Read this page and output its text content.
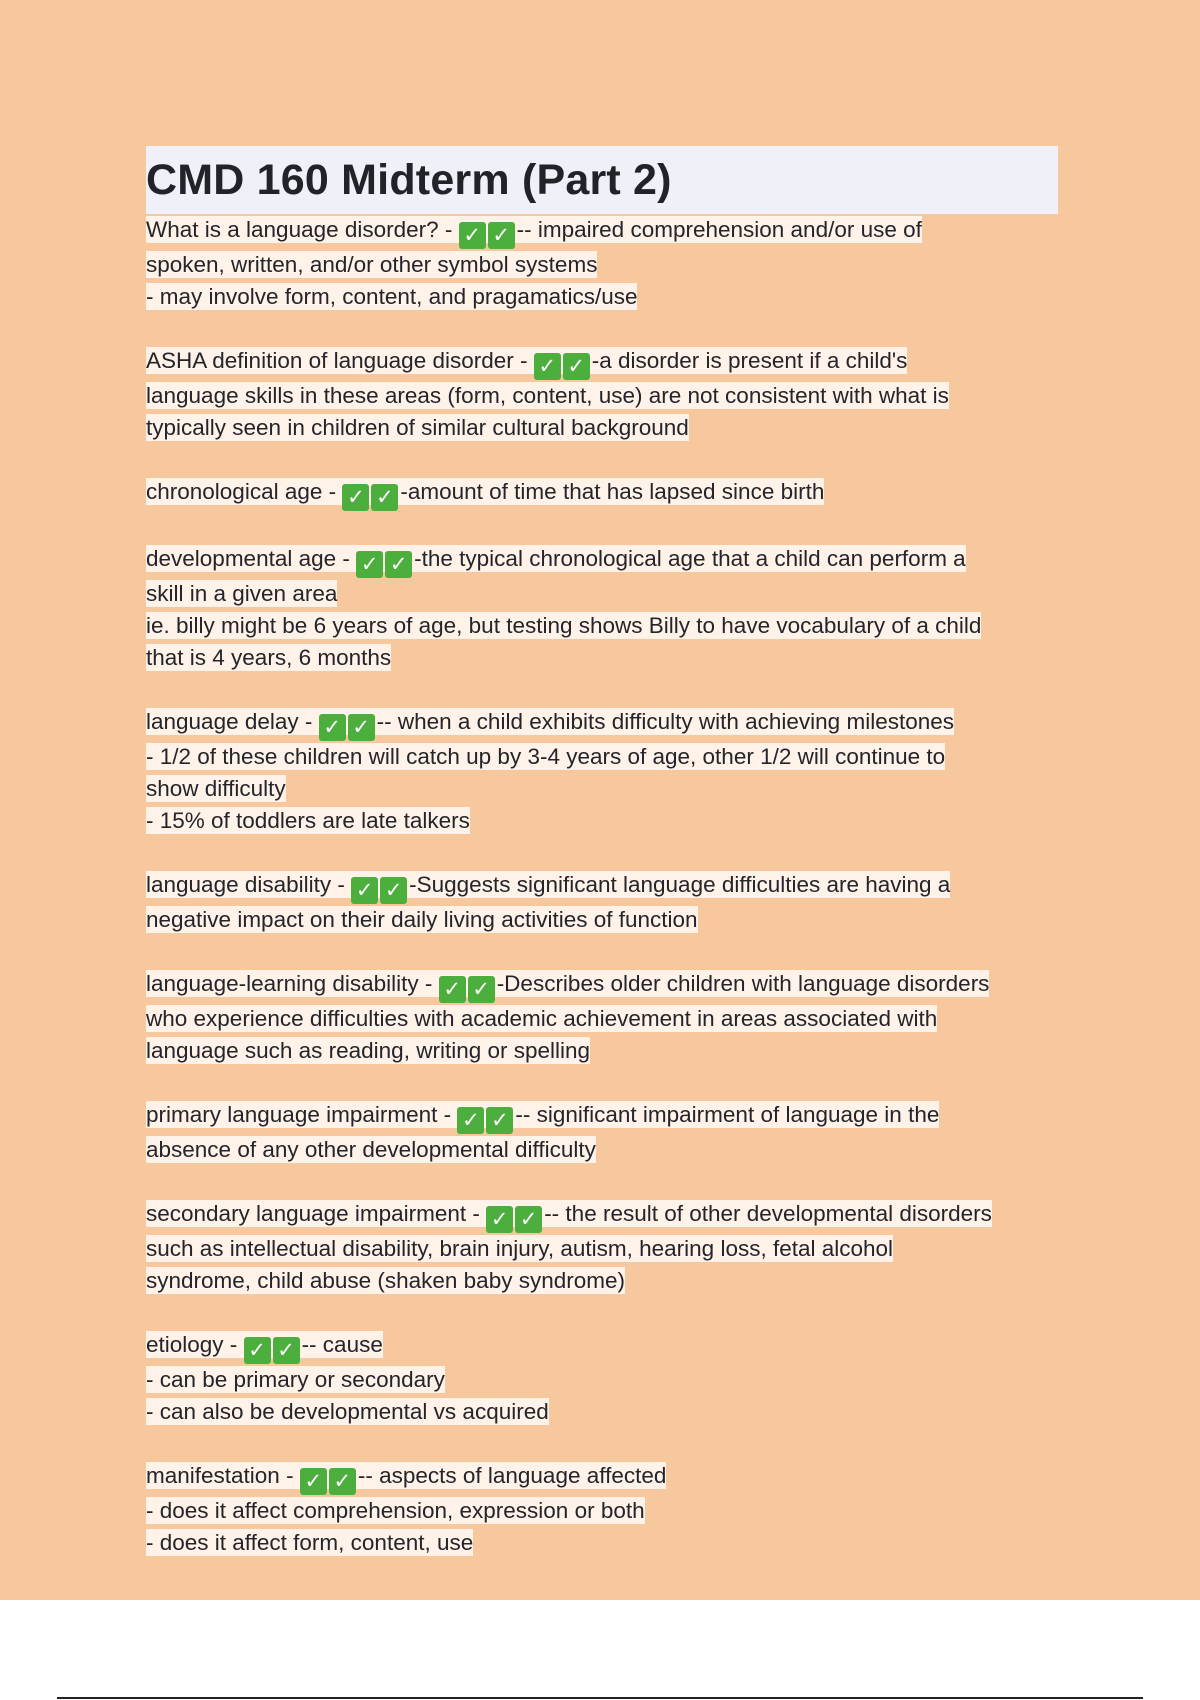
CMD 160 Midterm (Part 2)
What is a language disorder? - ✓ ✓ -- impaired comprehension and/or use of
spoken, written, and/or other symbol systems
- may involve form, content, and pragamatics/use
ASHA definition of language disorder - ✓ ✓ -a disorder is present if a child's
language skills in these areas (form, content, use) are not consistent with what is
typically seen in children of similar cultural background
chronological age - ✓ ✓ -amount of time that has lapsed since birth
developmental age - ✓ ✓ -the typical chronological age that a child can perform a
skill in a given area
ie. billy might be 6 years of age, but testing shows Billy to have vocabulary of a child
that is 4 years, 6 months
language delay - ✓ ✓ -- when a child exhibits difficulty with achieving milestones
- 1/2 of these children will catch up by 3-4 years of age, other 1/2 will continue to
show difficulty
- 15% of toddlers are late talkers
language disability - ✓ ✓ -Suggests significant language difficulties are having a
negative impact on their daily living activities of function
language-learning disability - ✓ ✓ -Describes older children with language disorders
who experience difficulties with academic achievement in areas associated with
language such as reading, writing or spelling
primary language impairment - ✓ ✓ -- significant impairment of language in the
absence of any other developmental difficulty
secondary language impairment - ✓ ✓ -- the result of other developmental disorders
such as intellectual disability, brain injury, autism, hearing loss, fetal alcohol
syndrome, child abuse (shaken baby syndrome)
etiology - ✓ ✓ -- cause
- can be primary or secondary
- can also be developmental vs acquired
manifestation - ✓ ✓ -- aspects of language affected
- does it affect comprehension, expression or both
- does it affect form, content, use
